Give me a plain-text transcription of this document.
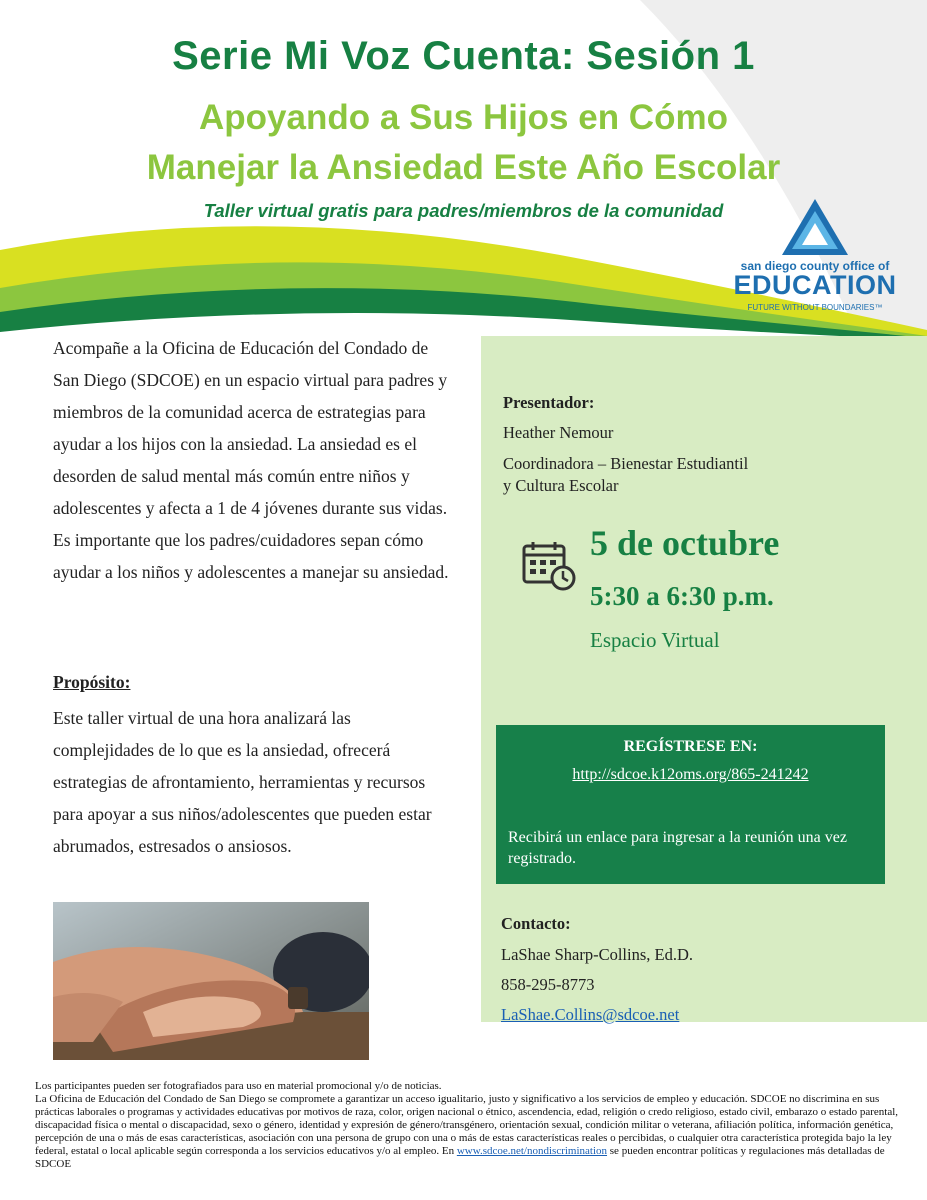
Serie Mi Voz Cuenta: Sesión 1
Apoyando a Sus Hijos en Cómo
Manejar la Ansiedad Este Año Escolar
Taller virtual gratis para padres/miembros de la comunidad
san diego county office of
EDUCATION
FUTURE WITHOUT BOUNDARIES™
Acompañe a la Oficina de Educación del Condado de San Diego (SDCOE) en un espacio virtual para padres y miembros de la comunidad acerca de estrategias para ayudar a los hijos con la ansiedad. La ansiedad es el desorden de salud mental más común entre niños y adolescentes y afecta a 1 de 4 jóvenes durante sus vidas. Es importante que los padres/cuidadores sepan cómo ayudar a los niños y adolescentes a manejar su ansiedad.
Propósito:
Este taller virtual de una hora analizará las complejidades de lo que es la ansiedad, ofrecerá estrategias de afrontamiento, herramientas y recursos para apoyar a sus niños/adolescentes que pueden estar abrumados, estresados o ansiosos.
Presentador:
Heather Nemour
Coordinadora – Bienestar Estudiantil
y Cultura Escolar
5 de octubre
5:30 a 6:30 p.m.
Espacio Virtual
REGÍSTRESE EN:
http://sdcoe.k12oms.org/865-241242
Recibirá un enlace para ingresar a la reunión una vez registrado.
Contacto:
LaShae Sharp-Collins, Ed.D.
858-295-8773
LaShae.Collins@sdcoe.net
Los participantes pueden ser fotografiados para uso en material promocional y/o de noticias.
La Oficina de Educación del Condado de San Diego se compromete a garantizar un acceso igualitario, justo y significativo a los servicios de empleo y educación. SDCOE no discrimina en sus prácticas laborales o programas y actividades educativas por motivos de raza, color, origen nacional o étnico, ascendencia, edad, religión o credo religioso, estado civil, embarazo o estado parental, discapacidad física o mental o discapacidad, sexo o género, identidad y expresión de género/transgénero, orientación sexual, condición militar o veterana, afiliación política, información genética, percepción de una o más de esas características, asociación con una persona de grupo con una o más de estas características reales o percibidas, o cualquier otra característica protegida bajo la ley federal, estatal o local aplicable según corresponda a los servicios educativos y/o al empleo. En www.sdcoe.net/nondiscrimination se pueden encontrar políticas y regulaciones más detalladas de SDCOE
